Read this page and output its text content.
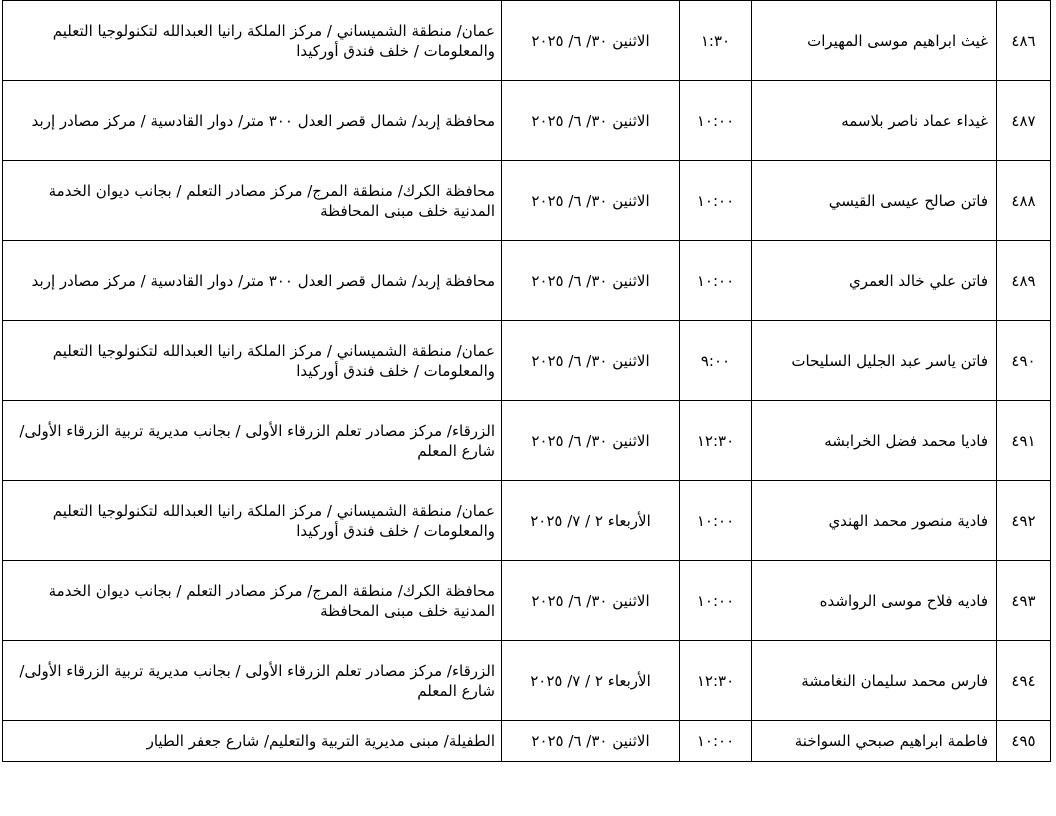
٤٨٦	غيث ابراهيم موسى المهيرات	١:٣٠	الاثنين ٣٠/ ٦/ ٢٠٢٥	عمان/ منطقة الشميساني / مركز الملكة رانيا العبدالله لتكنولوجيا التعليم والمعلومات / خلف فندق أوركيدا
٤٨٧	غيداء عماد ناصر بلاسمه	١٠:٠٠	الاثنين ٣٠/ ٦/ ٢٠٢٥	محافظة إربد/ شمال قصر العدل ٣٠٠ متر/ دوار القادسية / مركز مصادر إربد
٤٨٨	فاتن صالح عيسى القيسي	١٠:٠٠	الاثنين ٣٠/ ٦/ ٢٠٢٥	محافظة الكرك/ منطقة المرج/ مركز مصادر التعلم / بجانب ديوان الخدمة المدنية خلف مبنى المحافظة
٤٨٩	فاتن علي خالد العمري	١٠:٠٠	الاثنين ٣٠/ ٦/ ٢٠٢٥	محافظة إربد/ شمال قصر العدل ٣٠٠ متر/ دوار القادسية / مركز مصادر إربد
٤٩٠	فاتن ياسر عبد الجليل السليحات	٩:٠٠	الاثنين ٣٠/ ٦/ ٢٠٢٥	عمان/ منطقة الشميساني / مركز الملكة رانيا العبدالله لتكنولوجيا التعليم والمعلومات / خلف فندق أوركيدا
٤٩١	فاديا محمد فضل الخرابشه	١٢:٣٠	الاثنين ٣٠/ ٦/ ٢٠٢٥	الزرقاء/ مركز مصادر تعلم الزرقاء الأولى / بجانب مديرية تربية الزرقاء الأولى/ شارع المعلم
٤٩٢	فادية منصور محمد الهندي	١٠:٠٠	الأربعاء ٢ / ٧/ ٢٠٢٥	عمان/ منطقة الشميساني / مركز الملكة رانيا العبدالله لتكنولوجيا التعليم والمعلومات / خلف فندق أوركيدا
٤٩٣	فاديه فلاح موسى الرواشده	١٠:٠٠	الاثنين ٣٠/ ٦/ ٢٠٢٥	محافظة الكرك/ منطقة المرج/ مركز مصادر التعلم / بجانب ديوان الخدمة المدنية خلف مبنى المحافظة
٤٩٤	فارس محمد سليمان النغامشة	١٢:٣٠	الأربعاء ٢ / ٧/ ٢٠٢٥	الزرقاء/ مركز مصادر تعلم الزرقاء الأولى / بجانب مديرية تربية الزرقاء الأولى/ شارع المعلم
٤٩٥	فاطمة ابراهيم صبحي السواخنة	١٠:٠٠	الاثنين ٣٠/ ٦/ ٢٠٢٥	الطفيلة/ مبنى مديرية التربية والتعليم/ شارع جعفر الطيار
